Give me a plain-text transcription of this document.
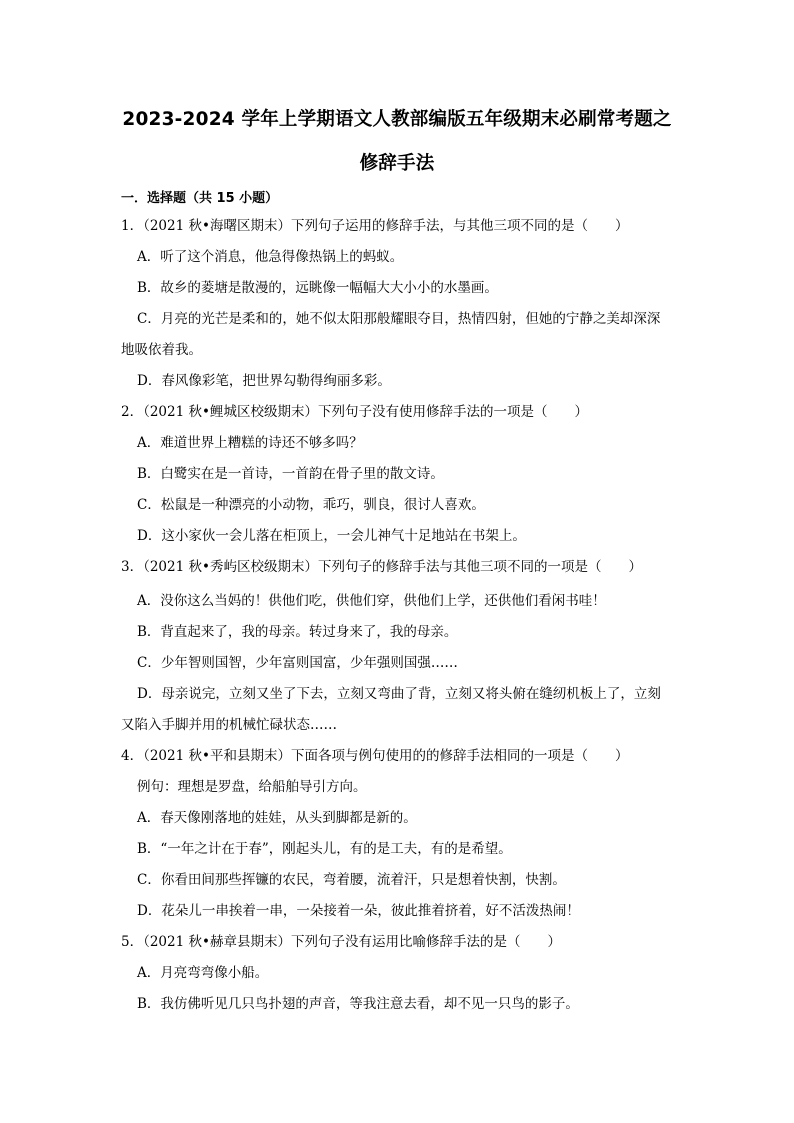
2023-2024 学年上学期语文人教部编版五年级期末必刷常考题之
修辞手法
一．选择题（共 15 小题）
1．（2021 秋•海曙区期末）下列句子运用的修辞手法，与其他三项不同的是（　　）
A．听了这个消息，他急得像热锅上的蚂蚁。
B．故乡的菱塘是散漫的，远眺像一幅幅大大小小的水墨画。
C．月亮的光芒是柔和的，她不似太阳那般耀眼夺目，热情四射，但她的宁静之美却深深
地吸依着我。
D．春风像彩笔，把世界勾勒得绚丽多彩。
2．（2021 秋•鲤城区校级期末）下列句子没有使用修辞手法的一项是（　　）
A．难道世界上糟糕的诗还不够多吗？
B．白鹭实在是一首诗，一首韵在骨子里的散文诗。
C．松鼠是一种漂亮的小动物，乖巧，驯良，很讨人喜欢。
D．这小家伙一会儿落在柜顶上，一会儿神气十足地站在书架上。
3．（2021 秋•秀屿区校级期末）下列句子的修辞手法与其他三项不同的一项是（　　）
A．没你这么当妈的！供他们吃，供他们穿，供他们上学，还供他们看闲书哇！
B．背直起来了，我的母亲。转过身来了，我的母亲。
C．少年智则国智，少年富则国富，少年强则国强……
D．母亲说完，立刻又坐了下去，立刻又弯曲了背，立刻又将头俯在缝纫机板上了，立刻
又陷入手脚并用的机械忙碌状态……
4．（2021 秋•平和县期末）下面各项与例句使用的的修辞手法相同的一项是（　　）
例句：理想是罗盘，给船舶导引方向。
A．春天像刚落地的娃娃，从头到脚都是新的。
B．“一年之计在于春”，刚起头儿，有的是工夫，有的是希望。
C．你看田间那些挥镰的农民，弯着腰，流着汗，只是想着快割，快割。
D．花朵儿一串挨着一串，一朵接着一朵，彼此推着挤着，好不活泼热闹！
5．（2021 秋•赫章县期末）下列句子没有运用比喻修辞手法的是（　　）
A．月亮弯弯像小船。
B．我仿佛听见几只鸟扑翅的声音，等我注意去看，却不见一只鸟的影子。
